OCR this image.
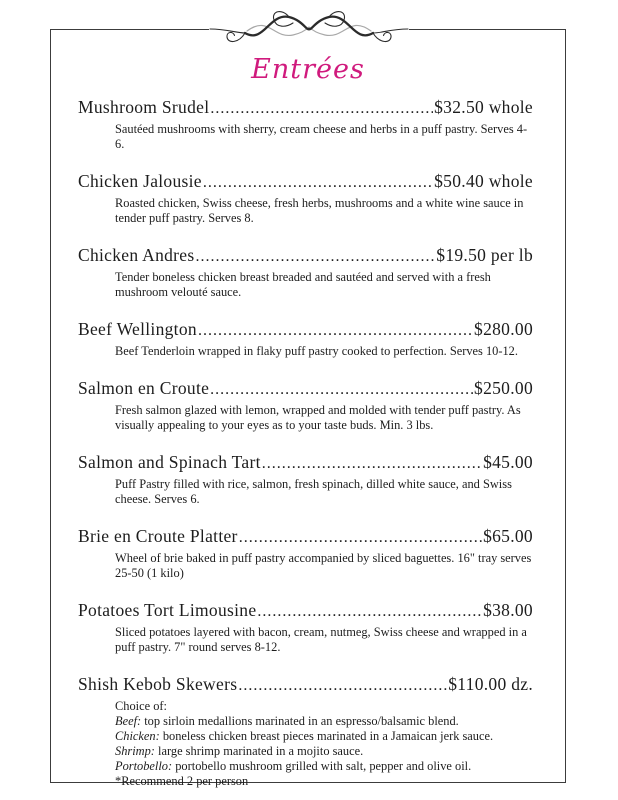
Entrées
Mushroom Srudel .....	$32.50 whole
Sautéed mushrooms with sherry, cream cheese and herbs in a puff pastry. Serves 4-6.
Chicken Jalousie .....	$50.40 whole
Roasted chicken, Swiss cheese, fresh herbs, mushrooms and a white wine sauce in tender puff pastry. Serves 8.
Chicken Andres .....	$19.50 per lb
Tender boneless chicken breast breaded and sautéed and served with a fresh mushroom velouté sauce.
Beef Wellington .....	$280.00
Beef Tenderloin wrapped in flaky puff pastry cooked to perfection. Serves 10-12.
Salmon en Croute .....	$250.00
Fresh salmon glazed with lemon, wrapped and molded with tender puff pastry. As visually appealing to your eyes as to your taste buds. Min. 3 lbs.
Salmon and Spinach Tart .....	$45.00
Puff Pastry filled with rice, salmon, fresh spinach, dilled white sauce, and Swiss cheese. Serves 6.
Brie en Croute Platter .....	$65.00
Wheel of brie baked in puff pastry accompanied by sliced baguettes. 16" tray serves 25-50 (1 kilo)
Potatoes Tort Limousine .....	$38.00
Sliced potatoes layered with bacon, cream, nutmeg, Swiss cheese and wrapped in a puff pastry. 7" round serves 8-12.
Shish Kebob Skewers .....	$110.00 dz.
Choice of:
Beef: top sirloin medallions marinated in an espresso/balsamic blend.
Chicken: boneless chicken breast pieces marinated in a Jamaican jerk sauce.
Shrimp: large shrimp marinated in a mojito sauce.
Portobello: portobello mushroom grilled with salt, pepper and olive oil.
*Recommend 2 per person
